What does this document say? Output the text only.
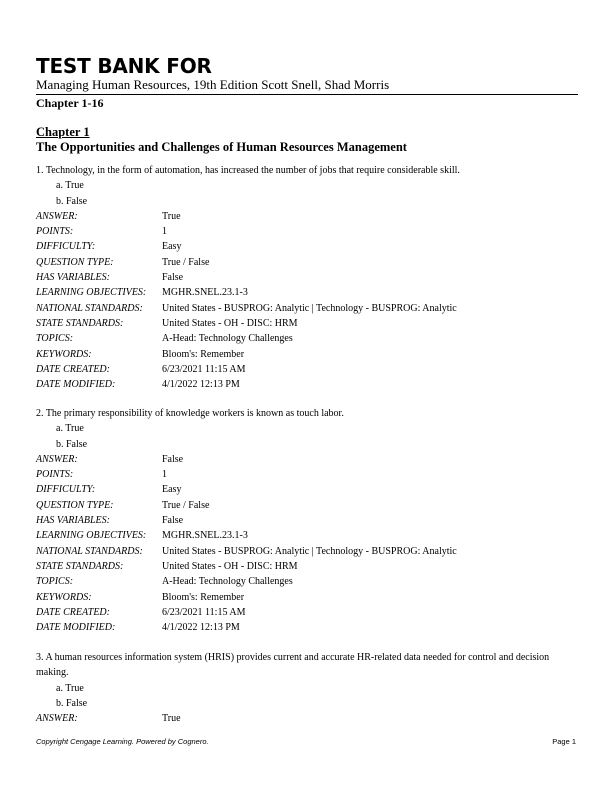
TEST BANK FOR
Managing Human Resources, 19th Edition Scott Snell, Shad Morris
Chapter 1-16
Chapter 1
The Opportunities and Challenges of Human Resources Management
1. Technology, in the form of automation, has increased the number of jobs that require considerable skill.
a. True
b. False
ANSWER:	True
POINTS:	1
DIFFICULTY:	Easy
QUESTION TYPE:	True / False
HAS VARIABLES:	False
LEARNING OBJECTIVES:	MGHR.SNEL.23.1-3
NATIONAL STANDARDS:	United States - BUSPROG: Analytic | Technology - BUSPROG: Analytic
STATE STANDARDS:	United States - OH - DISC: HRM
TOPICS:	A-Head: Technology Challenges
KEYWORDS:	Bloom's: Remember
DATE CREATED:	6/23/2021 11:15 AM
DATE MODIFIED:	4/1/2022 12:13 PM
2. The primary responsibility of knowledge workers is known as touch labor.
a. True
b. False
ANSWER:	False
POINTS:	1
DIFFICULTY:	Easy
QUESTION TYPE:	True / False
HAS VARIABLES:	False
LEARNING OBJECTIVES:	MGHR.SNEL.23.1-3
NATIONAL STANDARDS:	United States - BUSPROG: Analytic | Technology - BUSPROG: Analytic
STATE STANDARDS:	United States - OH - DISC: HRM
TOPICS:	A-Head: Technology Challenges
KEYWORDS:	Bloom's: Remember
DATE CREATED:	6/23/2021 11:15 AM
DATE MODIFIED:	4/1/2022 12:13 PM
3. A human resources information system (HRIS) provides current and accurate HR-related data needed for control and decision making.
a. True
b. False
ANSWER:	True
Copyright Cengage Learning. Powered by Cognero.	Page 1
